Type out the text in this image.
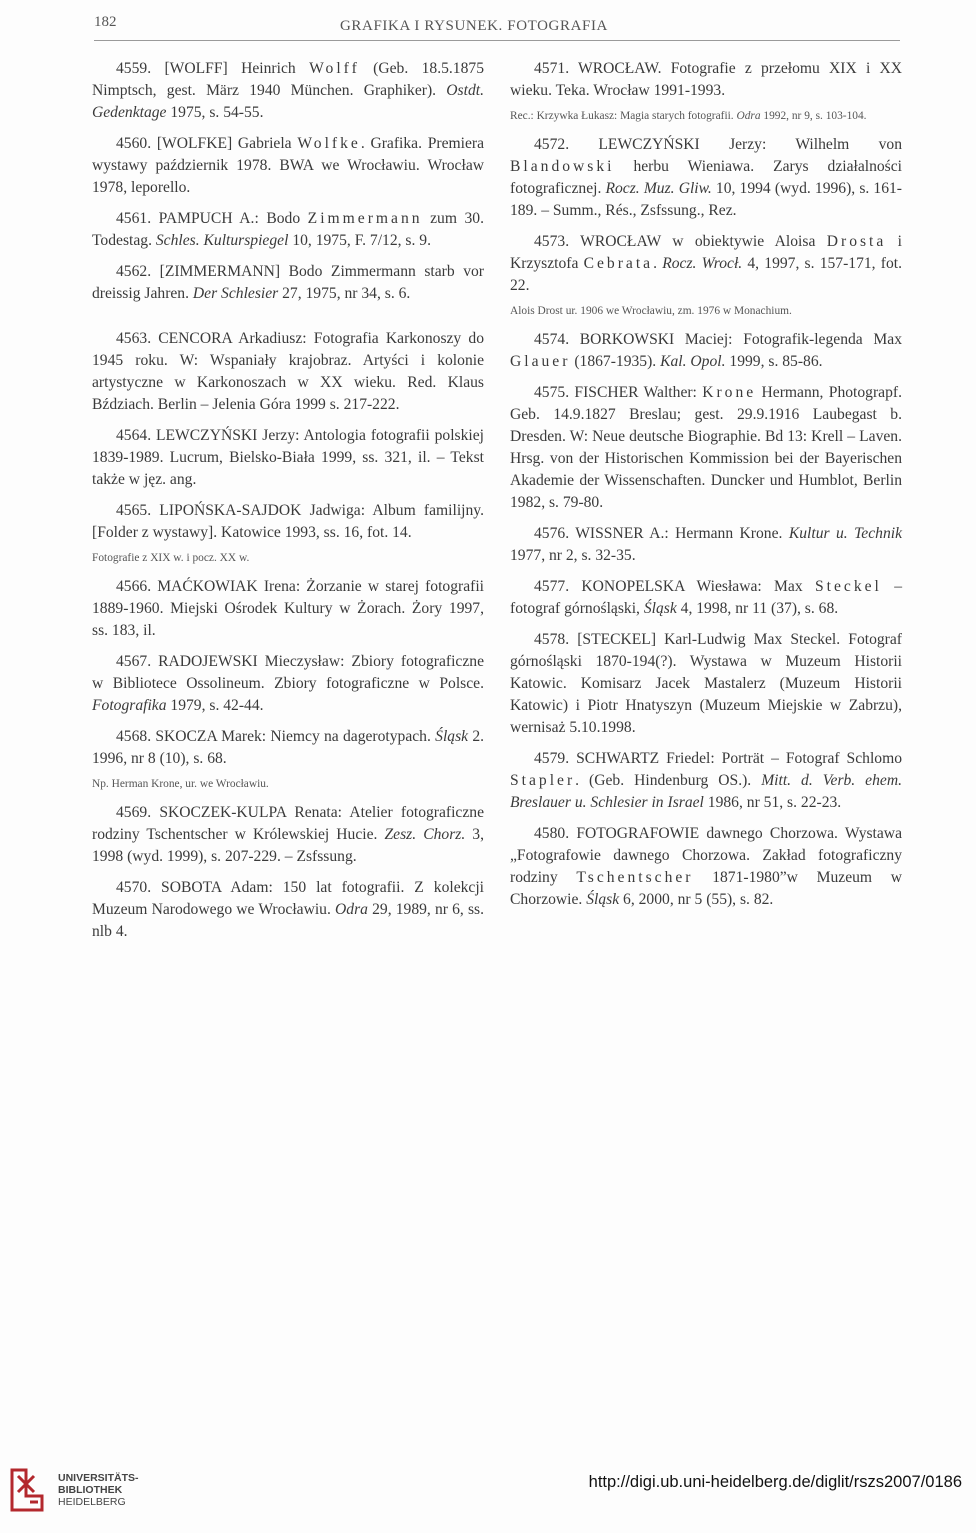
182	GRAFIKA I RYSUNEK. FOTOGRAFIA

4559. [WOLFF] Heinrich Wolff (Geb. 18.5.1875 Nimptsch, gest. März 1940 München. Graphiker). Ostdt. Gedenktage 1975, s. 54-55.

4560. [WOLFKE] Gabriela Wolfke. Grafika. Premiera wystawy październik 1978. BWA we Wrocławiu. Wrocław 1978, leporello.

4561. PAMPUCH A.: Bodo Zimmermann zum 30. Todestag. Schles. Kulturspiegel 10, 1975, F. 7/12, s. 9.

4562. [ZIMMERMANN] Bodo Zimmermann starb vor dreissig Jahren. Der Schlesier 27, 1975, nr 34, s. 6.

4563. CENCORA Arkadiusz: Fotografia Karkonoszy do 1945 roku. W: Wspaniały krajobraz. Artyści i kolonie artystyczne w Karkonoszach w XX wieku. Red. Klaus Bździach. Berlin – Jelenia Góra 1999 s. 217-222.

4564. LEWCZYŃSKI Jerzy: Antologia fotografii polskiej 1839-1989. Lucrum, Bielsko-Biała 1999, ss. 321, il. – Tekst także w jęz. ang.

4565. LIPOŃSKA-SAJDOK Jadwiga: Album familijny. [Folder z wystawy]. Katowice 1993, ss. 16, fot. 14.

Fotografie z XIX w. i pocz. XX w.

4566. MAĆKOWIAK Irena: Żorzanie w starej fotografii 1889-1960. Miejski Ośrodek Kultury w Żorach. Żory 1997, ss. 183, il.

4567. RADOJEWSKI Mieczysław: Zbiory fotograficzne w Bibliotece Ossolineum. Zbiory fotograficzne w Polsce. Fotografika 1979, s. 42-44.

4568. SKOCZA Marek: Niemcy na dagerotypach. Śląsk 2. 1996, nr 8 (10), s. 68.

Np. Herman Krone, ur. we Wrocławiu.

4569. SKOCZEK-KULPA Renata: Atelier fotograficzne rodziny Tschentscher w Królewskiej Hucie. Zesz. Chorz. 3, 1998 (wyd. 1999), s. 207-229. – Zsfssung.

4570. SOBOTA Adam: 150 lat fotografii. Z kolekcji Muzeum Narodowego we Wrocławiu. Odra 29, 1989, nr 6, ss. nlb 4.

4571. WROCŁAW. Fotografie z przełomu XIX i XX wieku. Teka. Wrocław 1991-1993.

Rec.: Krzywka Łukasz: Magia starych fotografii. Odra 1992, nr 9, s. 103-104.

4572. LEWCZYŃSKI Jerzy: Wilhelm von Blandowski herbu Wieniawa. Zarys działalności fotograficznej. Rocz. Muz. Gliw. 10, 1994 (wyd. 1996), s. 161-189. – Summ., Rés., Zsfssung., Rez.

4573. WROCŁAW w obiektywie Aloisa Drosta i Krzysztofa Cebrata. Rocz. Wrocł. 4, 1997, s. 157-171, fot. 22.

Alois Drost ur. 1906 we Wrocławiu, zm. 1976 w Monachium.

4574. BORKOWSKI Maciej: Fotografik-legenda Max Glauer (1867-1935). Kal. Opol. 1999, s. 85-86.

4575. FISCHER Walther: Krone Hermann, Photograpf. Geb. 14.9.1827 Breslau; gest. 29.9.1916 Laubegast b. Dresden. W: Neue deutsche Biographie. Bd 13: Krell – Laven. Hrsg. von der Historischen Kommission bei der Bayerischen Akademie der Wissenschaften. Duncker und Humblot, Berlin 1982, s. 79-80.

4576. WISSNER A.: Hermann Krone. Kultur u. Technik 1977, nr 2, s. 32-35.

4577. KONOPELSKA Wiesława: Max Steckel – fotograf górnośląski, Śląsk 4, 1998, nr 11 (37), s. 68.

4578. [STECKEL] Karl-Ludwig Max Steckel. Fotograf górnośląski 1870-194(?). Wystawa w Muzeum Historii Katowic. Komisarz Jacek Mastalerz (Muzeum Historii Katowic) i Piotr Hnatyszyn (Muzeum Miejskie w Zabrzu), wernisaż 5.10.1998.

4579. SCHWARTZ Friedel: Porträt – Fotograf Schlomo Stapler. (Geb. Hindenburg OS.). Mitt. d. Verb. ehem. Breslauer u. Schlesier in Israel 1986, nr 51, s. 22-23.

4580. FOTOGRAFOWIE dawnego Chorzowa. Wystawa „Fotografowie dawnego Chorzowa. Zakład fotograficzny rodziny Tschentscher 1871-1980”w Muzeum w Chorzowie. Śląsk 6, 2000, nr 5 (55), s. 82.

UNIVERSITÄTS-
BIBLIOTHEK
HEIDELBERG
http://digi.ub.uni-heidelberg.de/diglit/rszs2007/0186
